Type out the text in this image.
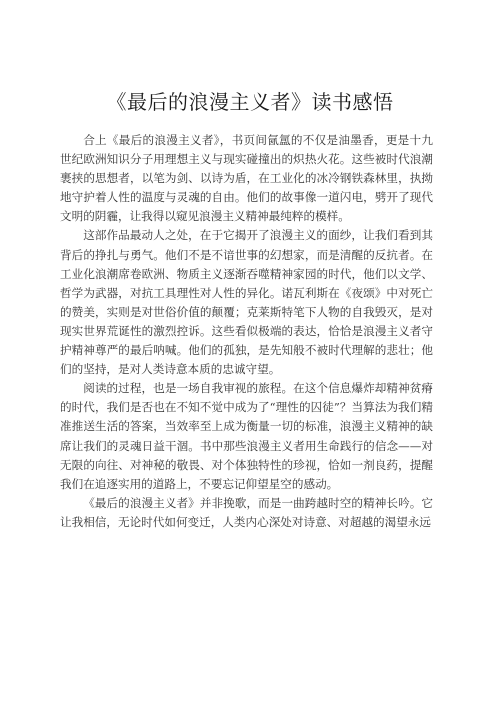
《最后的浪漫主义者》读书感悟

合上《最后的浪漫主义者》，书页间氤氲的不仅是油墨香，更是十九世纪欧洲知识分子用理想主义与现实碰撞出的炽热火花。这些被时代浪潮裹挟的思想者，以笔为剑、以诗为盾，在工业化的冰冷钢铁森林里，执拗地守护着人性的温度与灵魂的自由。他们的故事像一道闪电，劈开了现代文明的阴霾，让我得以窥见浪漫主义精神最纯粹的模样。

这部作品最动人之处，在于它揭开了浪漫主义的面纱，让我们看到其背后的挣扎与勇气。他们不是不谙世事的幻想家，而是清醒的反抗者。在工业化浪潮席卷欧洲、物质主义逐渐吞噬精神家园的时代，他们以文学、哲学为武器，对抗工具理性对人性的异化。诺瓦利斯在《夜颂》中对死亡的赞美，实则是对世俗价值的颠覆；克莱斯特笔下人物的自我毁灭，是对现实世界荒诞性的激烈控诉。这些看似极端的表达，恰恰是浪漫主义者守护精神尊严的最后呐喊。他们的孤独，是先知般不被时代理解的悲壮；他们的坚持，是对人类诗意本质的忠诚守望。

阅读的过程，也是一场自我审视的旅程。在这个信息爆炸却精神贫瘠的时代，我们是否也在不知不觉中成为了“理性的囚徒”？当算法为我们精准推送生活的答案，当效率至上成为衡量一切的标准，浪漫主义精神的缺席让我们的灵魂日益干涸。书中那些浪漫主义者用生命践行的信念——对无限的向往、对神秘的敬畏、对个体独特性的珍视，恰如一剂良药，提醒我们在追逐实用的道路上，不要忘记仰望星空的感动。

《最后的浪漫主义者》并非挽歌，而是一曲跨越时空的精神长吟。它让我相信，无论时代如何变迁，人类内心深处对诗意、对超越的渴望永远
